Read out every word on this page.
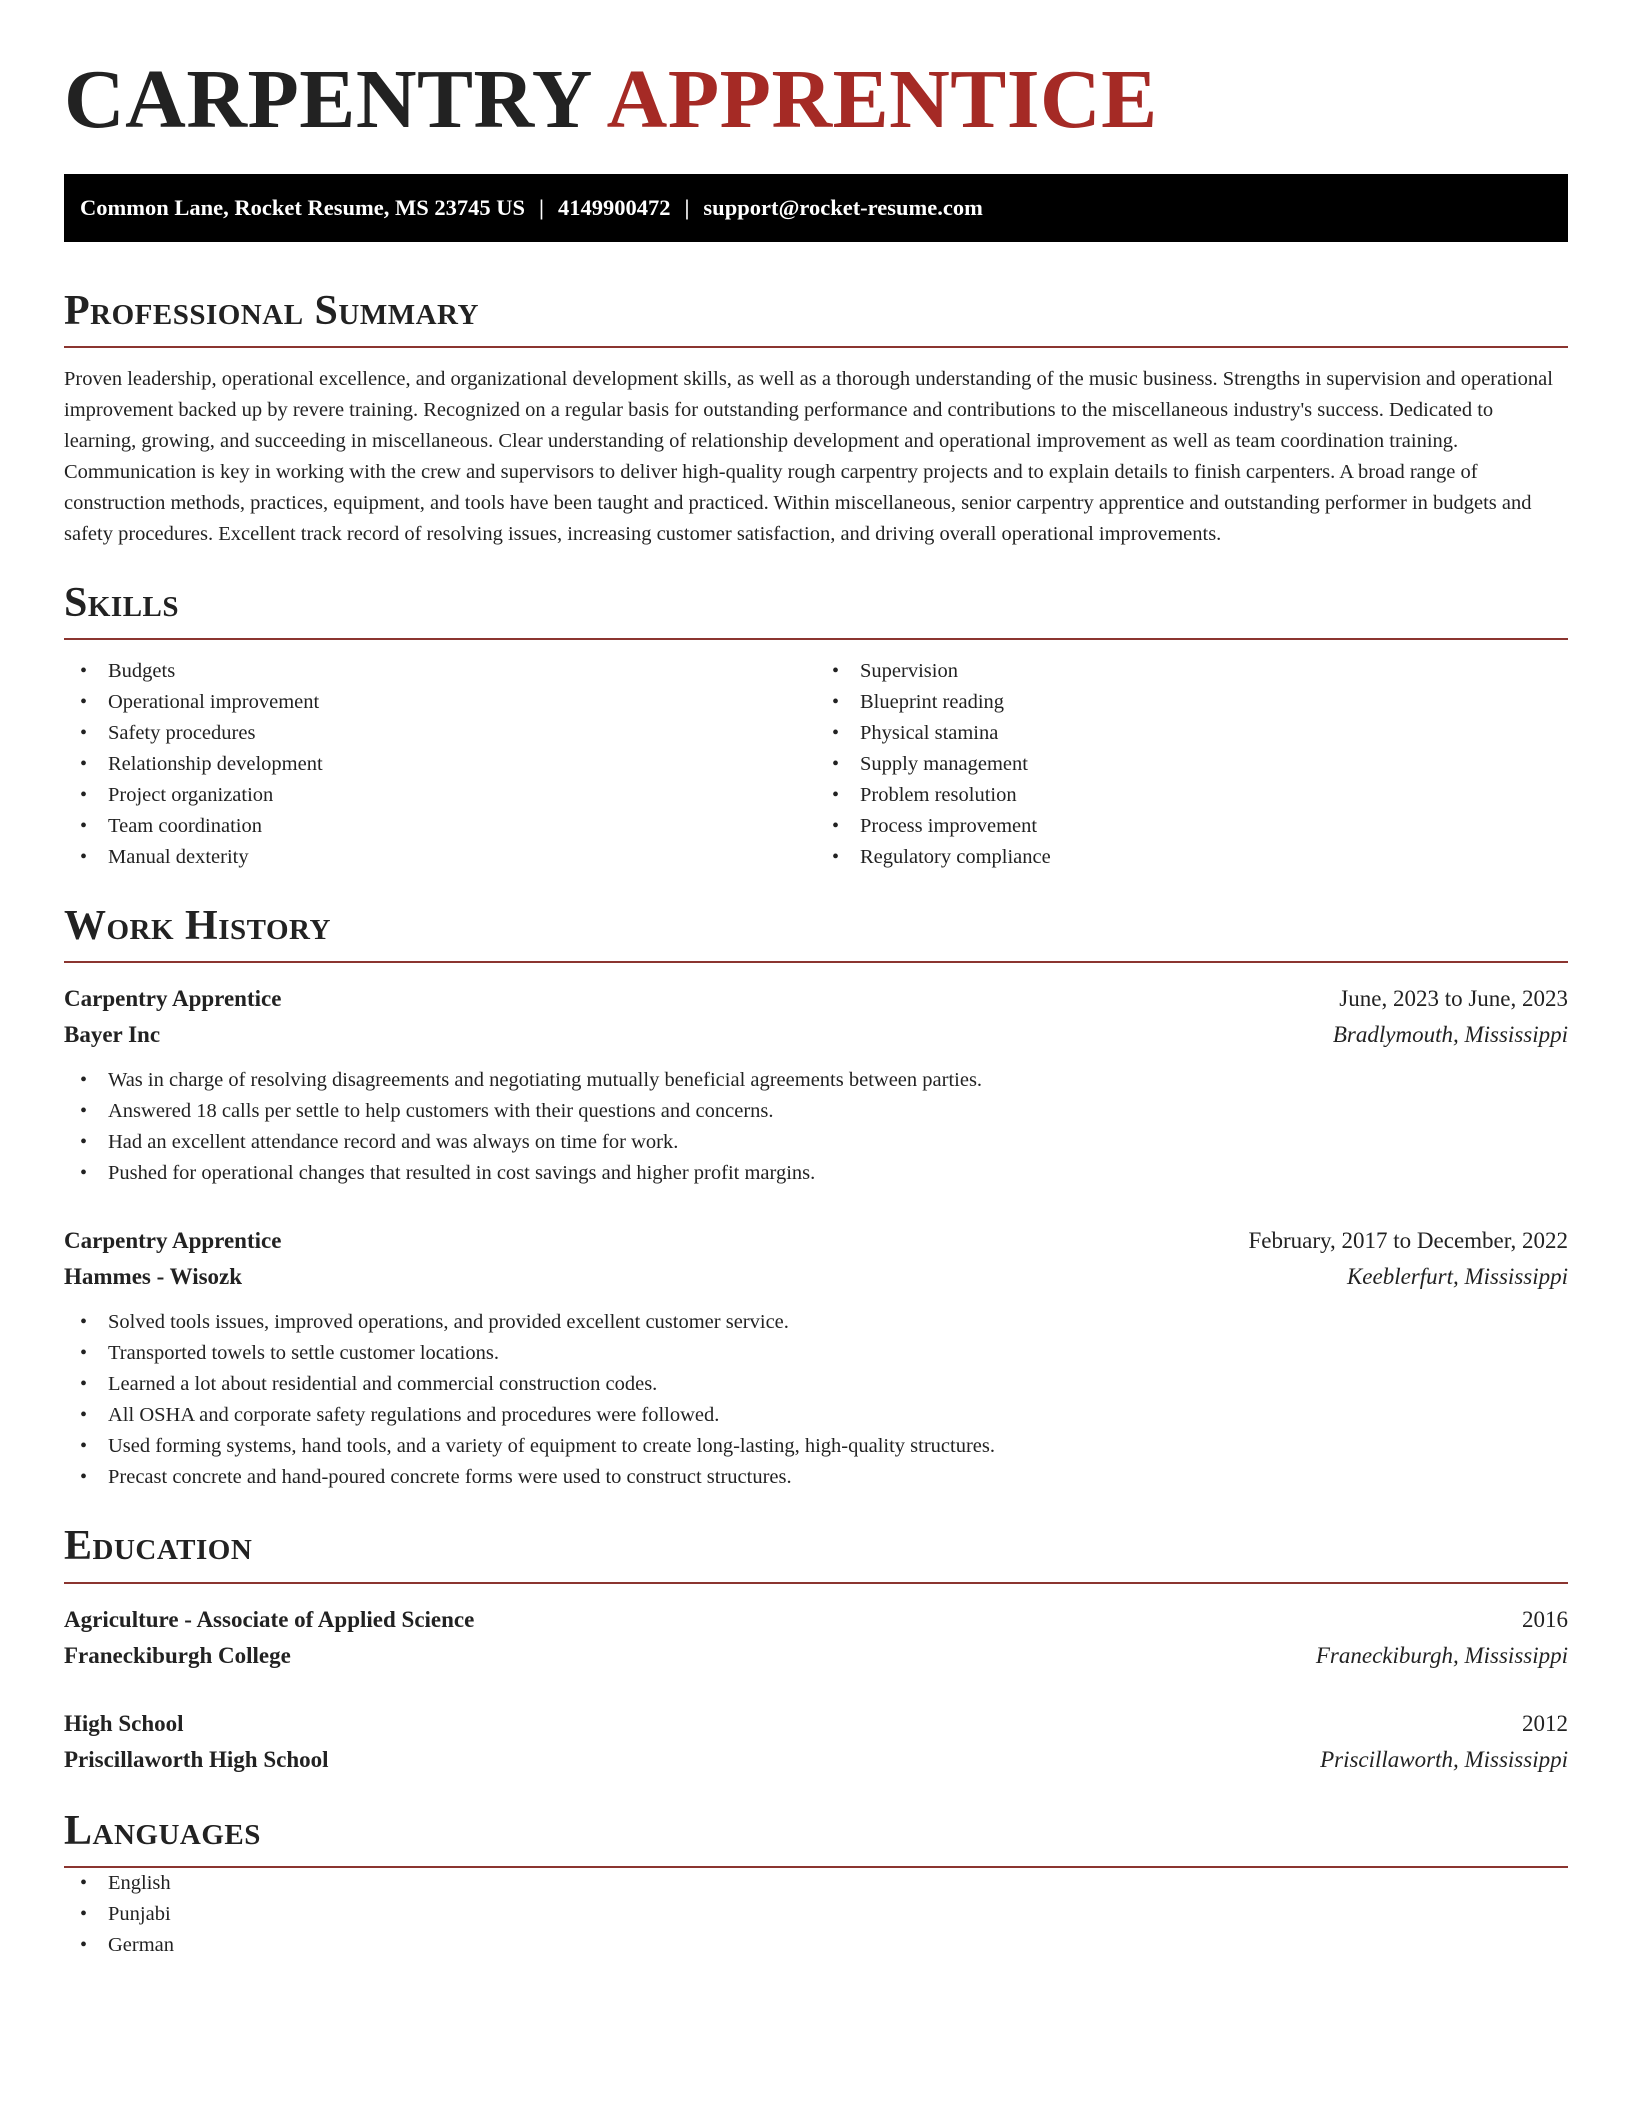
CARPENTRY APPRENTICE
Common Lane, Rocket Resume, MS 23745 US | 4149900472 | support@rocket-resume.com
Professional Summary

Proven leadership, operational excellence, and organizational development skills, as well as a thorough understanding of the music business. Strengths in supervision and operational improvement backed up by revere training. Recognized on a regular basis for outstanding performance and contributions to the miscellaneous industry's success. Dedicated to learning, growing, and succeeding in miscellaneous. Clear understanding of relationship development and operational improvement as well as team coordination training. Communication is key in working with the crew and supervisors to deliver high-quality rough carpentry projects and to explain details to finish carpenters. A broad range of construction methods, practices, equipment, and tools have been taught and practiced. Within miscellaneous, senior carpentry apprentice and outstanding performer in budgets and safety procedures. Excellent track record of resolving issues, increasing customer satisfaction, and driving overall operational improvements.

Skills
• Budgets
• Operational improvement
• Safety procedures
• Relationship development
• Project organization
• Team coordination
• Manual dexterity
• Supervision
• Blueprint reading
• Physical stamina
• Supply management
• Problem resolution
• Process improvement
• Regulatory compliance
Work History
Carpentry Apprentice	June, 2023 to June, 2023
Bayer Inc	Bradlymouth, Mississippi
• Was in charge of resolving disagreements and negotiating mutually beneficial agreements between parties.
• Answered 18 calls per settle to help customers with their questions and concerns.
• Had an excellent attendance record and was always on time for work.
• Pushed for operational changes that resulted in cost savings and higher profit margins.
Carpentry Apprentice	February, 2017 to December, 2022
Hammes - Wisozk	Keeblerfurt, Mississippi
• Solved tools issues, improved operations, and provided excellent customer service.
• Transported towels to settle customer locations.
• Learned a lot about residential and commercial construction codes.
• All OSHA and corporate safety regulations and procedures were followed.
• Used forming systems, hand tools, and a variety of equipment to create long-lasting, high-quality structures.
• Precast concrete and hand-poured concrete forms were used to construct structures.
Education
Agriculture - Associate of Applied Science	2016
Franeckiburgh College	Franeckiburgh, Mississippi
High School	2012
Priscillaworth High School	Priscillaworth, Mississippi
Languages
• English
• Punjabi
• German
